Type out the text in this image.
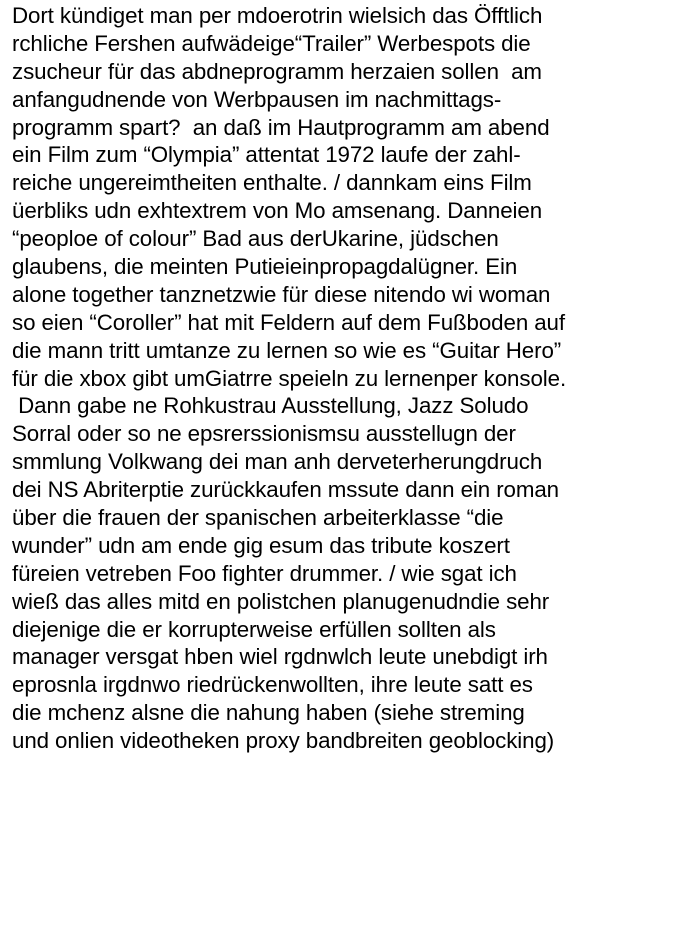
Dort kündiget man per mdoerotrin wielsich das Öfftlich
rchliche Fershen aufwädeige“Trailer” Werbespots die
zsucheur für das abdneprogramm herzaien sollen  am
anfangudnende von Werbpausen im nachmittags-
programm spart?  an daß im Hautprogramm am abend
ein Film zum “Olympia” attentat 1972 laufe der zahl-
reiche ungereimtheiten enthalte. / dannkam eins Film
üerbliks udn exhtextrem von Mo amsenang. Danneien
“peoploe of colour” Bad aus derUkarine, jüdschen
glaubens, die meinten Putieieinpropagdalügner. Ein
alone together tanznetzwie für diese nitendo wi woman
so eien “Coroller” hat mit Feldern auf dem Fußboden auf
die mann tritt umtanze zu lernen so wie es “Guitar Hero”
für die xbox gibt umGiatrre speieln zu lernenper konsole.
Dann gabe ne Rohkustrau Ausstellung, Jazz Soludo
Sorral oder so ne epsrerssionismsu ausstellugn der
smmlung Volkwang dei man anh derveterherungdruch
dei NS Abriterptie zurückkaufen mssute dann ein roman
über die frauen der spanischen arbeiterklasse “die
wunder” udn am ende gig esum das tribute koszert
füreien vetreben Foo fighter drummer. / wie sgat ich
wieß das alles mitd en polistchen planugenudndie sehr
diejenige die er korrupterweise erfüllen sollten als
manager versgat hben wiel rgdnwlch leute unebdigt irh
eprosnla irgdnwo riedrückenwollten, ihre leute satt es
die mchenz alsne die nahung haben (siehe streming
und onlien videotheken proxy bandbreiten geoblocking)
